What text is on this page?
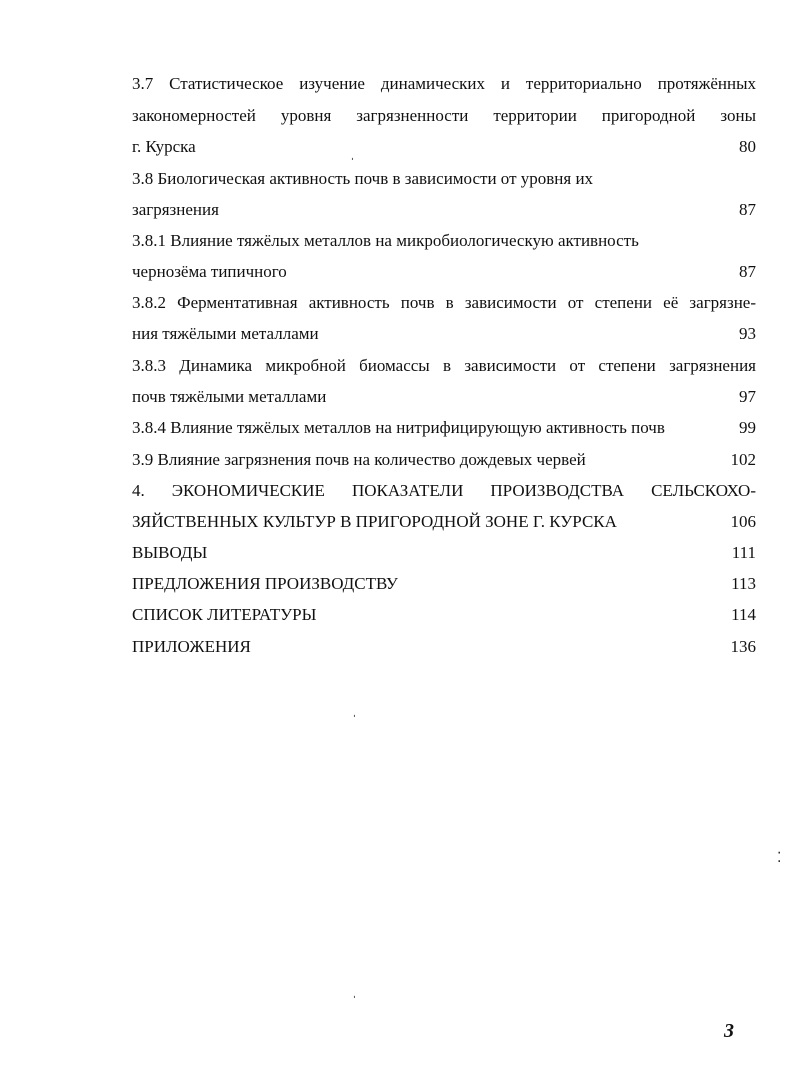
3.7 Статистическое изучение динамических и территориально протяжённых
закономерностей уровня загрязненности территории пригородной зоны
г. Курска	80
3.8 Биологическая активность почв в зависимости от уровня их
загрязнения	87
3.8.1 Влияние тяжёлых металлов на микробиологическую активность
чернозёма типичного	87
3.8.2 Ферментативная активность почв в зависимости от степени её загрязне-
ния тяжёлыми металлами	93
3.8.3 Динамика микробной биомассы в зависимости от степени загрязнения
почв тяжёлыми металлами	97
3.8.4 Влияние тяжёлых металлов на нитрифицирующую активность почв	99
3.9 Влияние загрязнения почв на количество дождевых червей	102
4. ЭКОНОМИЧЕСКИЕ ПОКАЗАТЕЛИ ПРОИЗВОДСТВА СЕЛЬСКОХО-
ЗЯЙСТВЕННЫХ КУЛЬТУР В ПРИГОРОДНОЙ ЗОНЕ Г. КУРСКА	106
ВЫВОДЫ	111
ПРЕДЛОЖЕНИЯ ПРОИЗВОДСТВУ	113
СПИСОК ЛИТЕРАТУРЫ	114
ПРИЛОЖЕНИЯ	136
ˌ
ˌ
ˌ
⁚
3
